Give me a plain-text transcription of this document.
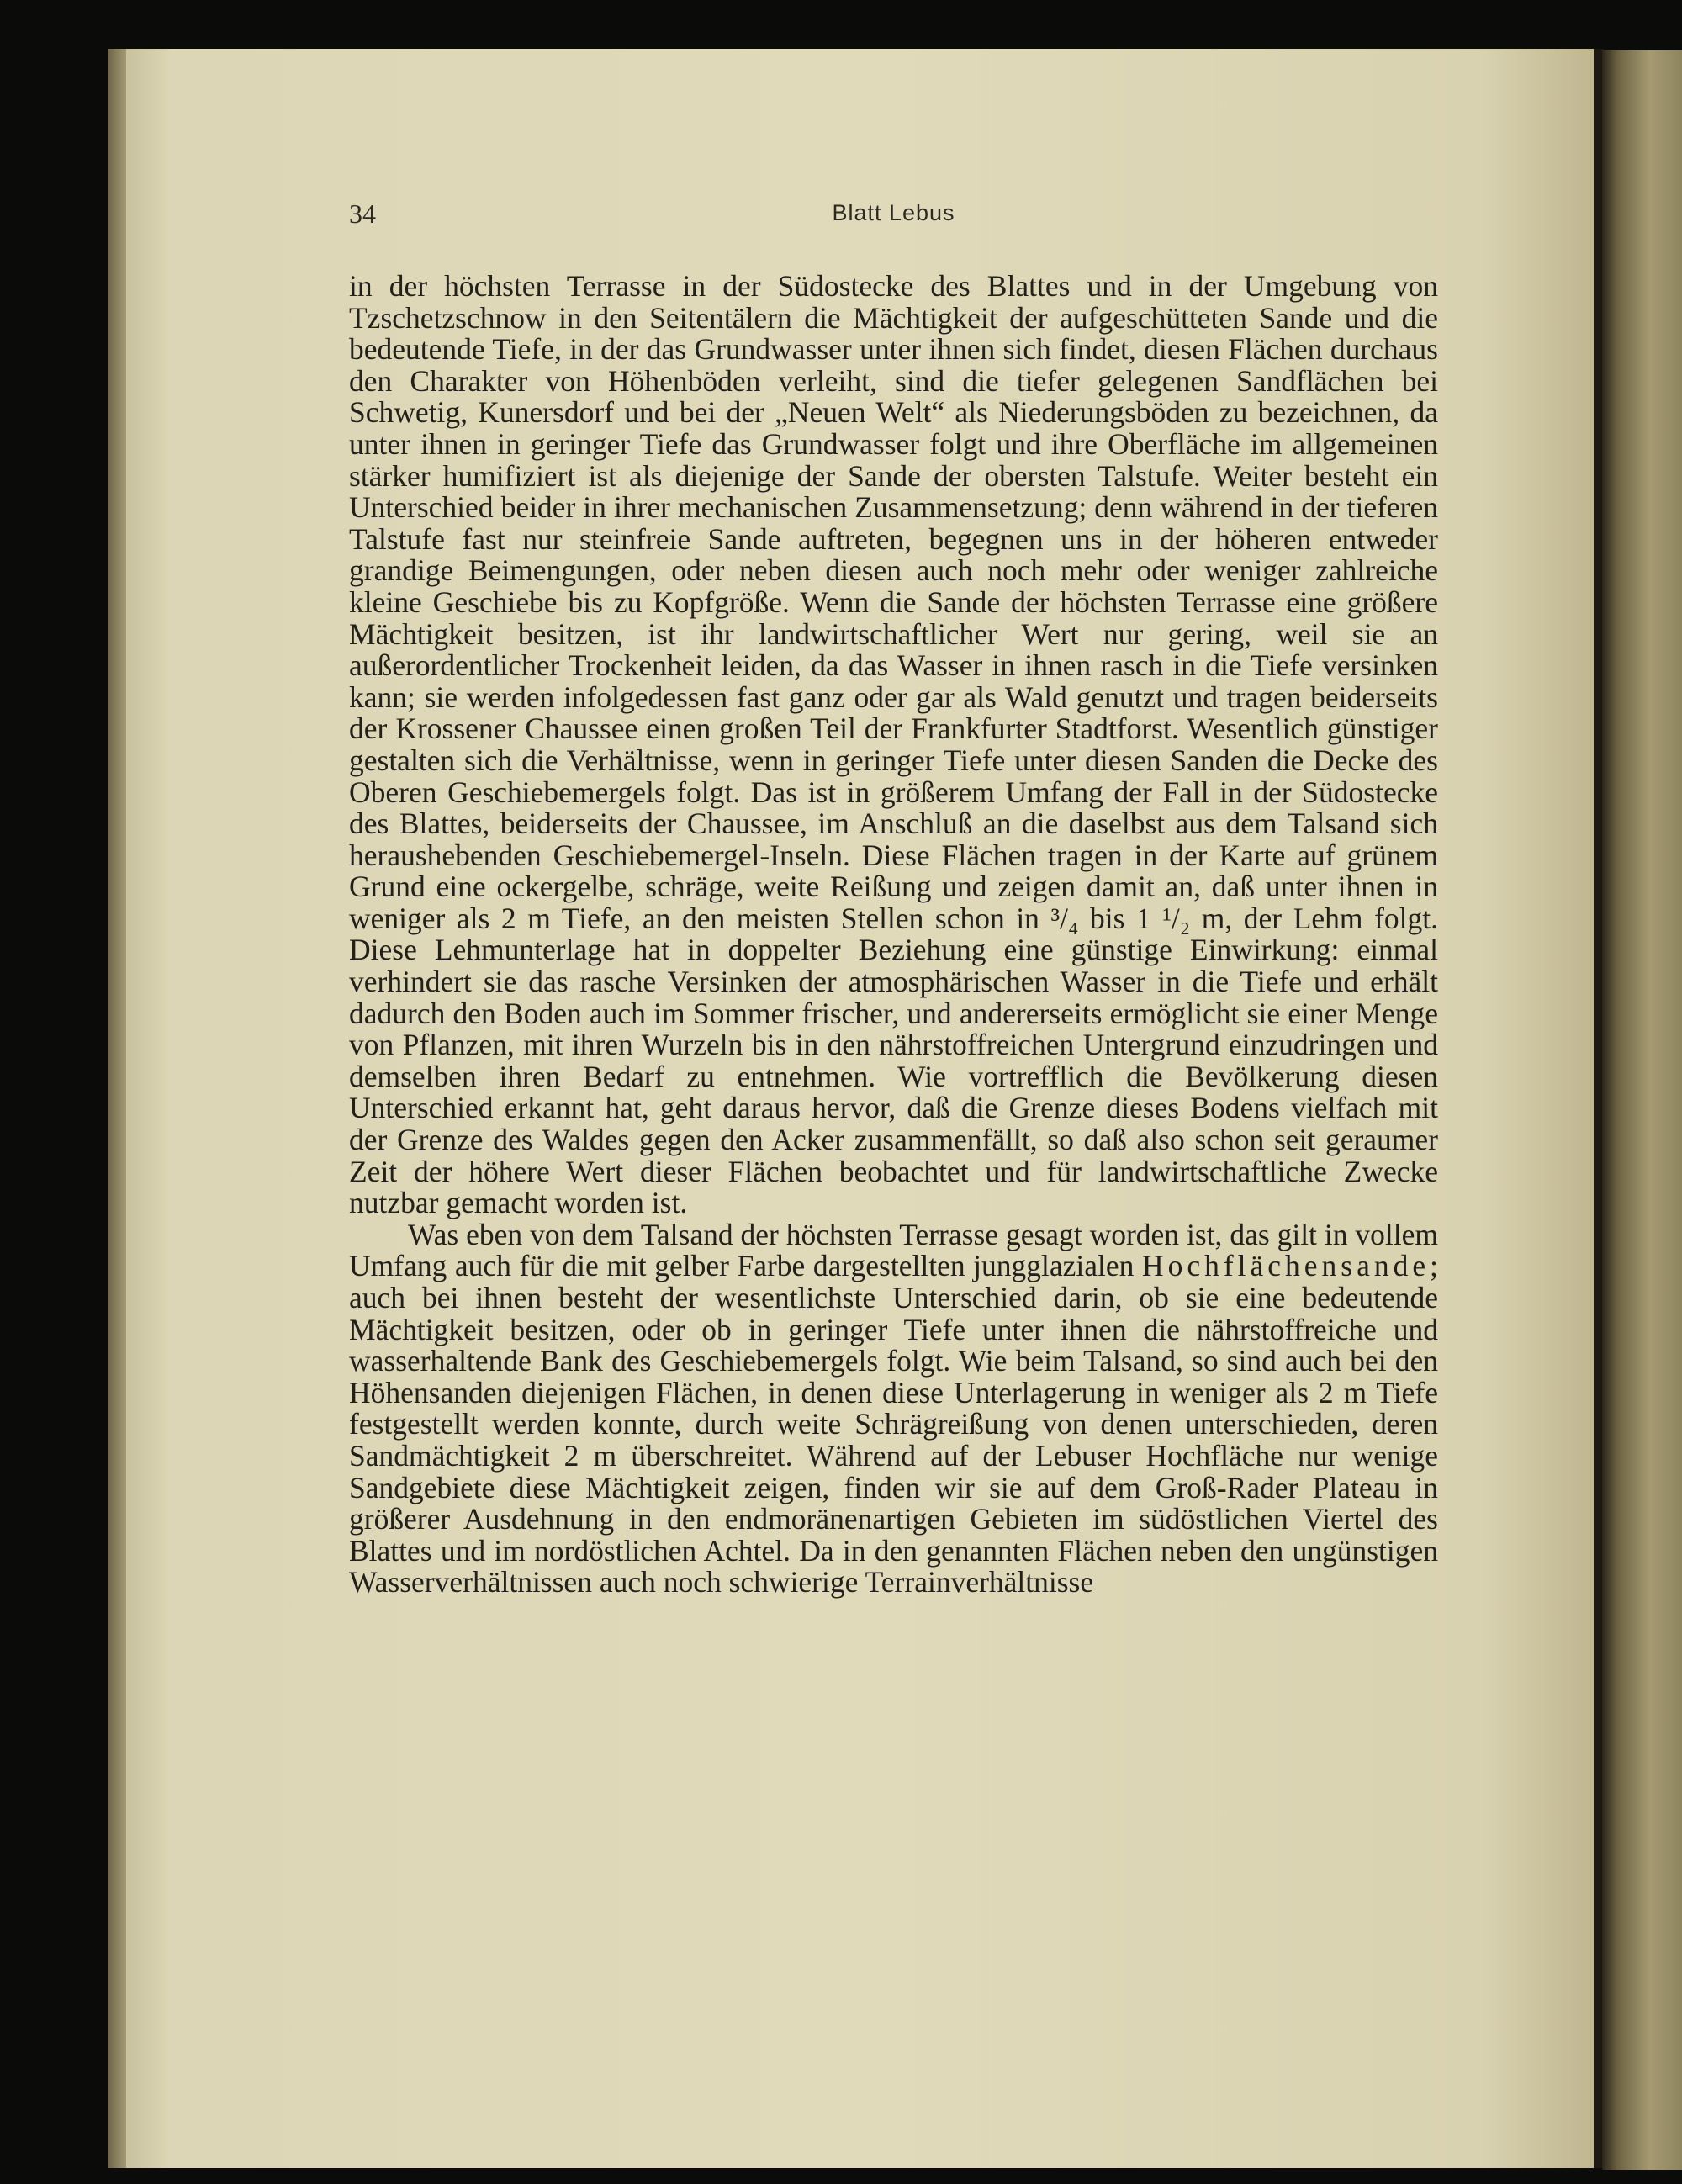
34	Blatt Lebus

in der höchsten Terrasse in der Südostecke des Blattes und in der Umgebung von Tzschetzschnow in den Seitentälern die Mächtigkeit der aufgeschütteten Sande und die bedeutende Tiefe, in der das Grundwasser unter ihnen sich findet, diesen Flächen durchaus den Charakter von Höhenböden verleiht, sind die tiefer gelegenen Sandflächen bei Schwetig, Kunersdorf und bei der „Neuen Welt“ als Niederungsböden zu bezeichnen, da unter ihnen in geringer Tiefe das Grundwasser folgt und ihre Oberfläche im allgemeinen stärker humifiziert ist als diejenige der Sande der obersten Talstufe. Weiter besteht ein Unterschied beider in ihrer mechanischen Zusammensetzung; denn während in der tieferen Talstufe fast nur steinfreie Sande auftreten, begegnen uns in der höheren entweder grandige Beimengungen, oder neben diesen auch noch mehr oder weniger zahlreiche kleine Geschiebe bis zu Kopfgröße. Wenn die Sande der höchsten Terrasse eine größere Mächtigkeit besitzen, ist ihr landwirtschaftlicher Wert nur gering, weil sie an außerordentlicher Trockenheit leiden, da das Wasser in ihnen rasch in die Tiefe versinken kann; sie werden infolgedessen fast ganz oder gar als Wald genutzt und tragen beiderseits der Krossener Chaussee einen großen Teil der Frankfurter Stadtforst. Wesentlich günstiger gestalten sich die Verhältnisse, wenn in geringer Tiefe unter diesen Sanden die Decke des Oberen Geschiebemergels folgt. Das ist in größerem Umfang der Fall in der Südostecke des Blattes, beiderseits der Chaussee, im Anschluß an die daselbst aus dem Talsand sich heraushebenden Geschiebemergel-Inseln. Diese Flächen tragen in der Karte auf grünem Grund eine ockergelbe, schräge, weite Reißung und zeigen damit an, daß unter ihnen in weniger als 2 m Tiefe, an den meisten Stellen schon in ³/₄ bis 1 ¹/₂ m, der Lehm folgt. Diese Lehmunterlage hat in doppelter Beziehung eine günstige Einwirkung: einmal verhindert sie das rasche Versinken der atmosphärischen Wasser in die Tiefe und erhält dadurch den Boden auch im Sommer frischer, und andererseits ermöglicht sie einer Menge von Pflanzen, mit ihren Wurzeln bis in den nährstoffreichen Untergrund einzudringen und demselben ihren Bedarf zu entnehmen. Wie vortrefflich die Bevölkerung diesen Unterschied erkannt hat, geht daraus hervor, daß die Grenze dieses Bodens vielfach mit der Grenze des Waldes gegen den Acker zusammenfällt, so daß also schon seit geraumer Zeit der höhere Wert dieser Flächen beobachtet und für landwirtschaftliche Zwecke nutzbar gemacht worden ist.

Was eben von dem Talsand der höchsten Terrasse gesagt worden ist, das gilt in vollem Umfang auch für die mit gelber Farbe dargestellten jungglazialen Hochflächensande; auch bei ihnen besteht der wesentlichste Unterschied darin, ob sie eine bedeutende Mächtigkeit besitzen, oder ob in geringer Tiefe unter ihnen die nährstoffreiche und wasserhaltende Bank des Geschiebemergels folgt. Wie beim Talsand, so sind auch bei den Höhensanden diejenigen Flächen, in denen diese Unterlagerung in weniger als 2 m Tiefe festgestellt werden konnte, durch weite Schrägreißung von denen unterschieden, deren Sandmächtigkeit 2 m überschreitet. Während auf der Lebuser Hochfläche nur wenige Sandgebiete diese Mächtigkeit zeigen, finden wir sie auf dem Groß-Rader Plateau in größerer Ausdehnung in den endmoränenartigen Gebieten im südöstlichen Viertel des Blattes und im nordöstlichen Achtel. Da in den genannten Flächen neben den ungünstigen Wasserverhältnissen auch noch schwierige Terrainverhältnisse
